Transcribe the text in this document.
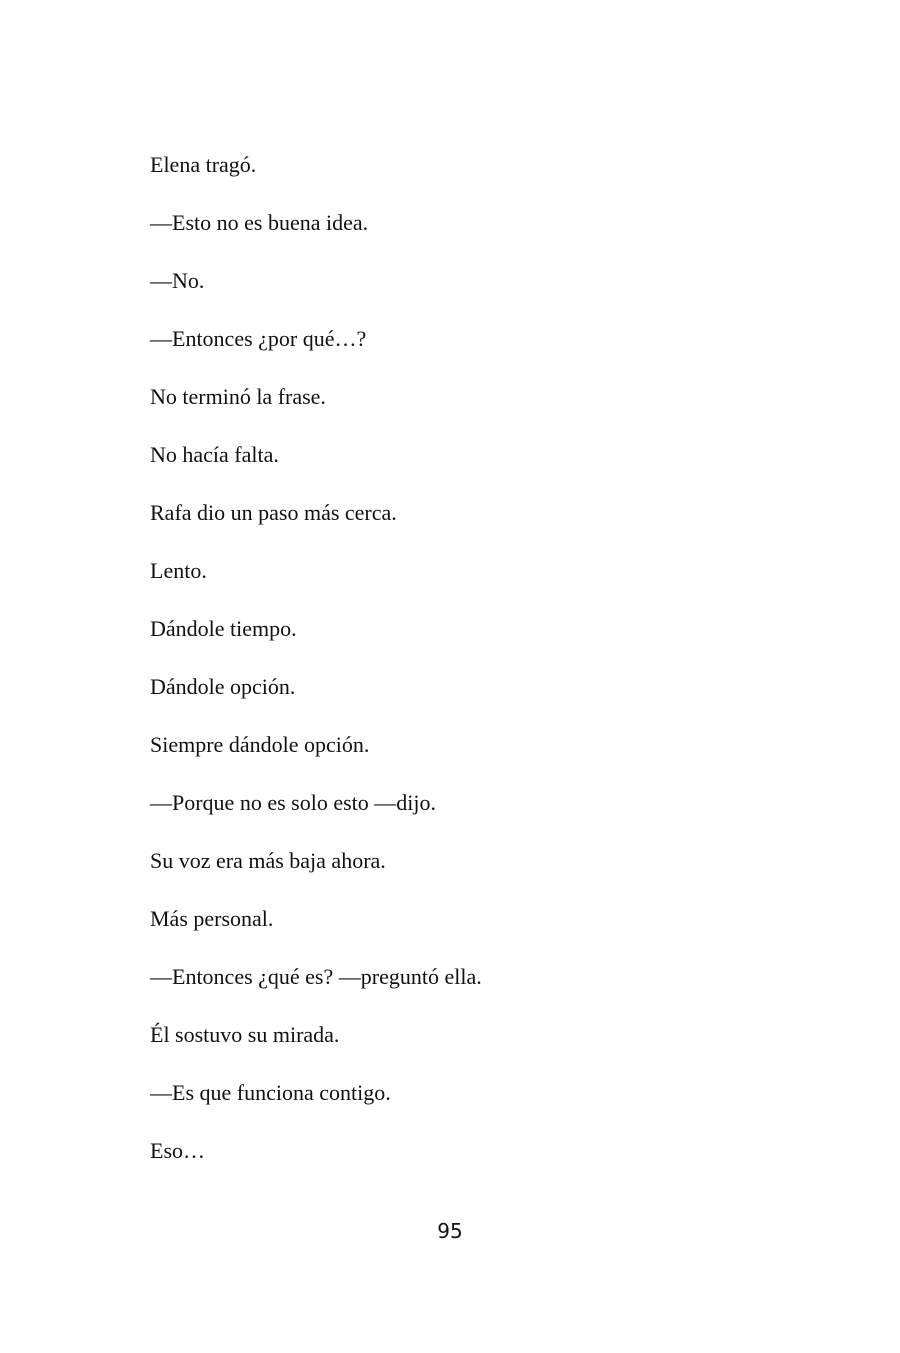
Elena tragó.

—Esto no es buena idea.

—No.

—Entonces ¿por qué…?

No terminó la frase.

No hacía falta.

Rafa dio un paso más cerca.

Lento.

Dándole tiempo.

Dándole opción.

Siempre dándole opción.

—Porque no es solo esto —dijo.

Su voz era más baja ahora.

Más personal.

—Entonces ¿qué es? —preguntó ella.

Él sostuvo su mirada.

—Es que funciona contigo.

Eso…

95
